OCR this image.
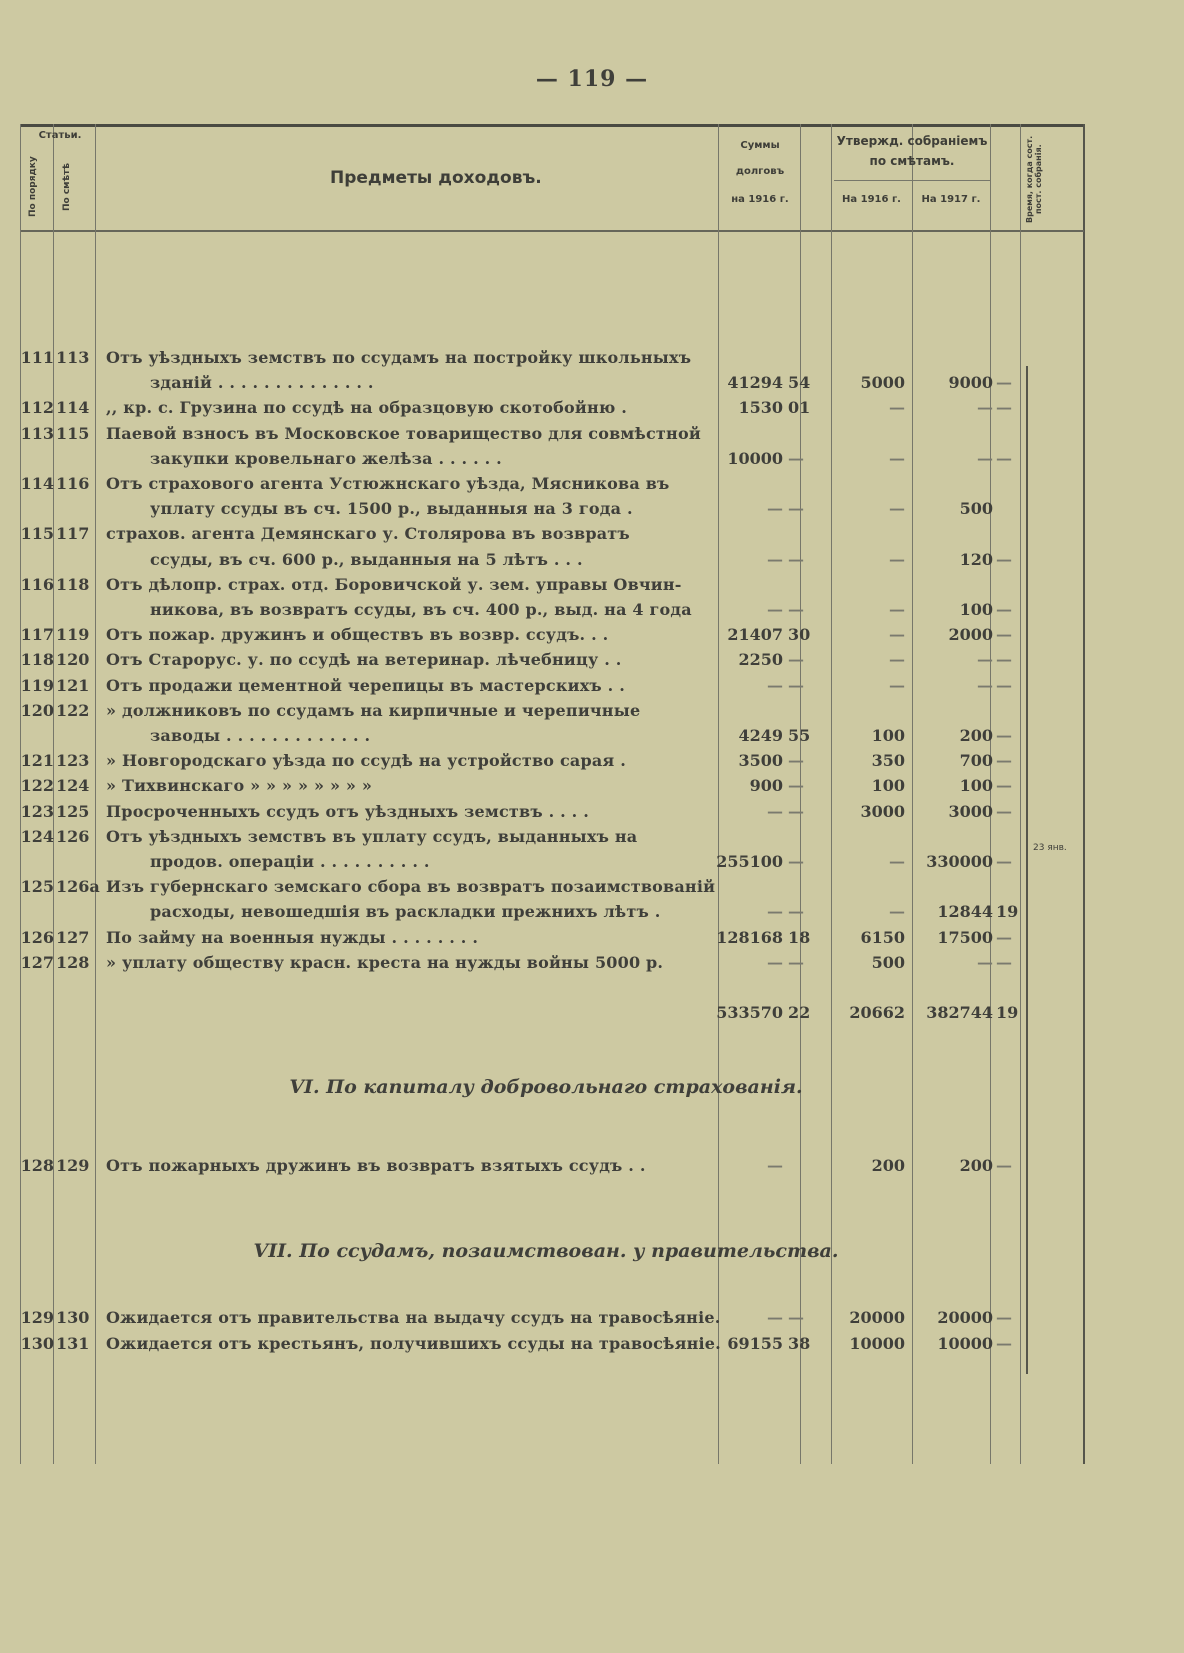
— 119 —
Статьи.
По порядку	По смѣтѣ	Предметы доходовъ.
Суммы
долговъ
на 1916 г.
Утвержд. собраніемъ
по смѣтамъ.
На 1916 г.	На 1917 г.	Время, когда сост. пост. собранія.
23 янв.
111 113	Отъ уѣздныхъ земствъ по ссудамъ на постройку школьныхъ
зданій . . . . . . . . . . . . . .	41294 54	5000	9000 —
112 114	,, кр. с. Грузина по ссудѣ на образцовую скотобойню .	1530 01	—	— —
113 115	Паевой взносъ въ Московское товарищество для совмѣстной
закупки кровельнаго желѣза . . . . . .	10000 —	—	— —
114 116	Отъ страхового агента Устюжнскаго уѣзда, Мясникова въ
уплату ссуды въ сч. 1500 р., выданныя на 3 года .	— —	—	500
115 117	страхов. агента Демянскаго у. Столярова въ возвратъ
ссуды, въ сч. 600 р., выданныя на 5 лѣтъ . . .	— —	—	120 —
116 118	Отъ дѣлопр. страх. отд. Боровичской у. зем. управы Овчин-
никова, въ возвратъ ссуды, въ сч. 400 р., выд. на 4 года	— —	—	100 —
117 119	Отъ пожар. дружинъ и обществъ въ возвр. ссудъ. . .	21407 30	—	2000 —
118 120	Отъ Старорус. у. по ссудѣ на ветеринар. лѣчебницу . .	2250 —	—	— —
119 121	Отъ продажи цементной черепицы въ мастерскихъ . .	— —	—	— —
120 122	» должниковъ по ссудамъ на кирпичные и черепичные
заводы . . . . . . . . . . . . .	4249 55	100	200 —
121 123	» Новгородскаго уѣзда по ссудѣ на устройство сарая .	3500 —	350	700 —
122 124	» Тихвинскаго » » » » » » » »	900 —	100	100 —
123 125	Просроченныхъ ссудъ отъ уѣздныхъ земствъ . . . .	— —	3000	3000 —
124 126	Отъ уѣздныхъ земствъ въ уплату ссудъ, выданныхъ на
продов. операціи . . . . . . . . . .	255100 —	—	330000 —
125 126а Изъ губернскаго земскаго сбора въ возвратъ позаимствованій
расходы, невошедшія въ раскладки прежнихъ лѣтъ .	— —	—	12844 19
126 127	По займу на военныя нужды . . . . . . . .	128168 18	6150	17500 —
127 128	» уплату обществу красн. креста на нужды войны 5000 р.	— —	500	— —
533570 22	20662	382744 19
VI. По капиталу добровольнаго страхованія.
128 129	Отъ пожарныхъ дружинъ въ возвратъ взятыхъ ссудъ . .	—	200	200 —
VII. По ссудамъ, позаимствован. у правительства.
129 130	Ожидается отъ правительства на выдачу ссудъ на травосѣяніе.	— —	20000	20000 —
130 131	Ожидается отъ крестьянъ, получившихъ ссуды на травосѣяніе. 69155 38	10000	10000 —
